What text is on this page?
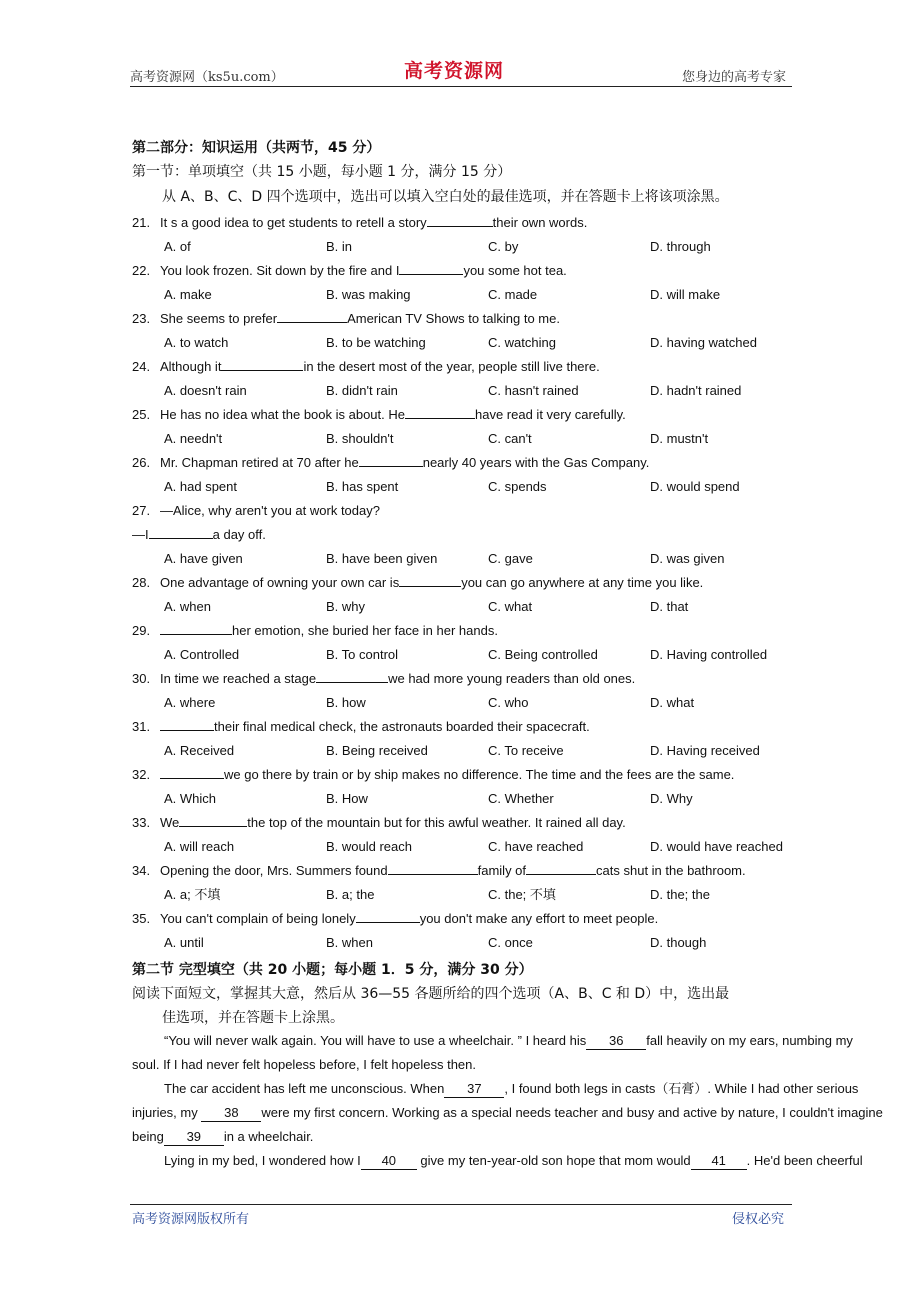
高考资源网（ks5u.com）	高考资源网	您身边的高考专家
第二部分：知识运用（共两节，45 分）
第一节：单项填空（共 15 小题，每小题 1 分，满分 15 分）
从 A、B、C、D 四个选项中，选出可以填入空白处的最佳选项，并在答题卡上将该项涂黑。
21. It s a good idea to get students to retell a story	their own words.
A. of	B. in	C. by	D. through
22. You look frozen. Sit down by the fire and I	you some hot tea.
A. make	B. was making	C. made	D. will make
23. She seems to prefer	American TV Shows to talking to me.
A. to watch	B. to be watching	C. watching	D. having watched
24. Although it	in the desert most of the year, people still live there.
A. doesn't rain	B. didn't rain	C. hasn't rained	D. hadn't rained
25. He has no idea what the book is about. He	have read it very carefully.
A. needn't	B. shouldn't	C. can't	D. mustn't
26. Mr. Chapman retired at 70 after he	nearly 40 years with the Gas Company.
A. had spent	B. has spent	C. spends	D. would spend
27. —Alice, why aren't you at work today?
—I	a day off.
A. have given	B. have been given	C. gave	D. was given
28. One advantage of owning your own car is	you can go anywhere at any time you like.
A. when	B. why	C. what	D. that
29.	her emotion, she buried her face in her hands.
A. Controlled	B. To control	C. Being controlled	D. Having controlled
30. In time we reached a stage	we had more young readers than old ones.
A. where	B. how	C. who	D. what
31.	their final medical check, the astronauts boarded their spacecraft.
A. Received	B. Being received	C. To receive	D. Having received
32.	we go there by train or by ship makes no difference. The time and the fees are the same.
A. Which	B. How	C. Whether	D. Why
33. We	the top of the mountain but for this awful weather. It rained all day.
A. will reach	B. would reach	C. have reached	D. would have reached
34. Opening the door, Mrs. Summers found	family of	cats shut in the bathroom.
A. a; 不填	B. a; the	C. the; 不填	D. the; the
35. You can't complain of being lonely	you don't make any effort to meet people.
A. until	B. when	C. once	D. though
第二节 完型填空（共 20 小题；每小题 1．5 分，满分 30 分）
阅读下面短文，掌握其大意，然后从 36—55 各题所给的四个选项（A、B、C 和 D）中，选出最
佳选项，并在答题卡上涂黑。
“You will never walk again. You will have to use a wheelchair. ” I heard his 36 fall heavily on my ears, numbing my
soul. If I had never felt hopeless before, I felt hopeless then.
The car accident has left me unconscious. When 37 , I found both legs in casts（石膏）. While I had other serious
injuries, my 38 were my first concern. Working as a special needs teacher and busy and active by nature, I couldn't imagine
being 39 in a wheelchair.
Lying in my bed, I wondered how I 40 give my ten-year-old son hope that mom would 41 . He'd been cheerful
高考资源网版权所有	侵权必究
